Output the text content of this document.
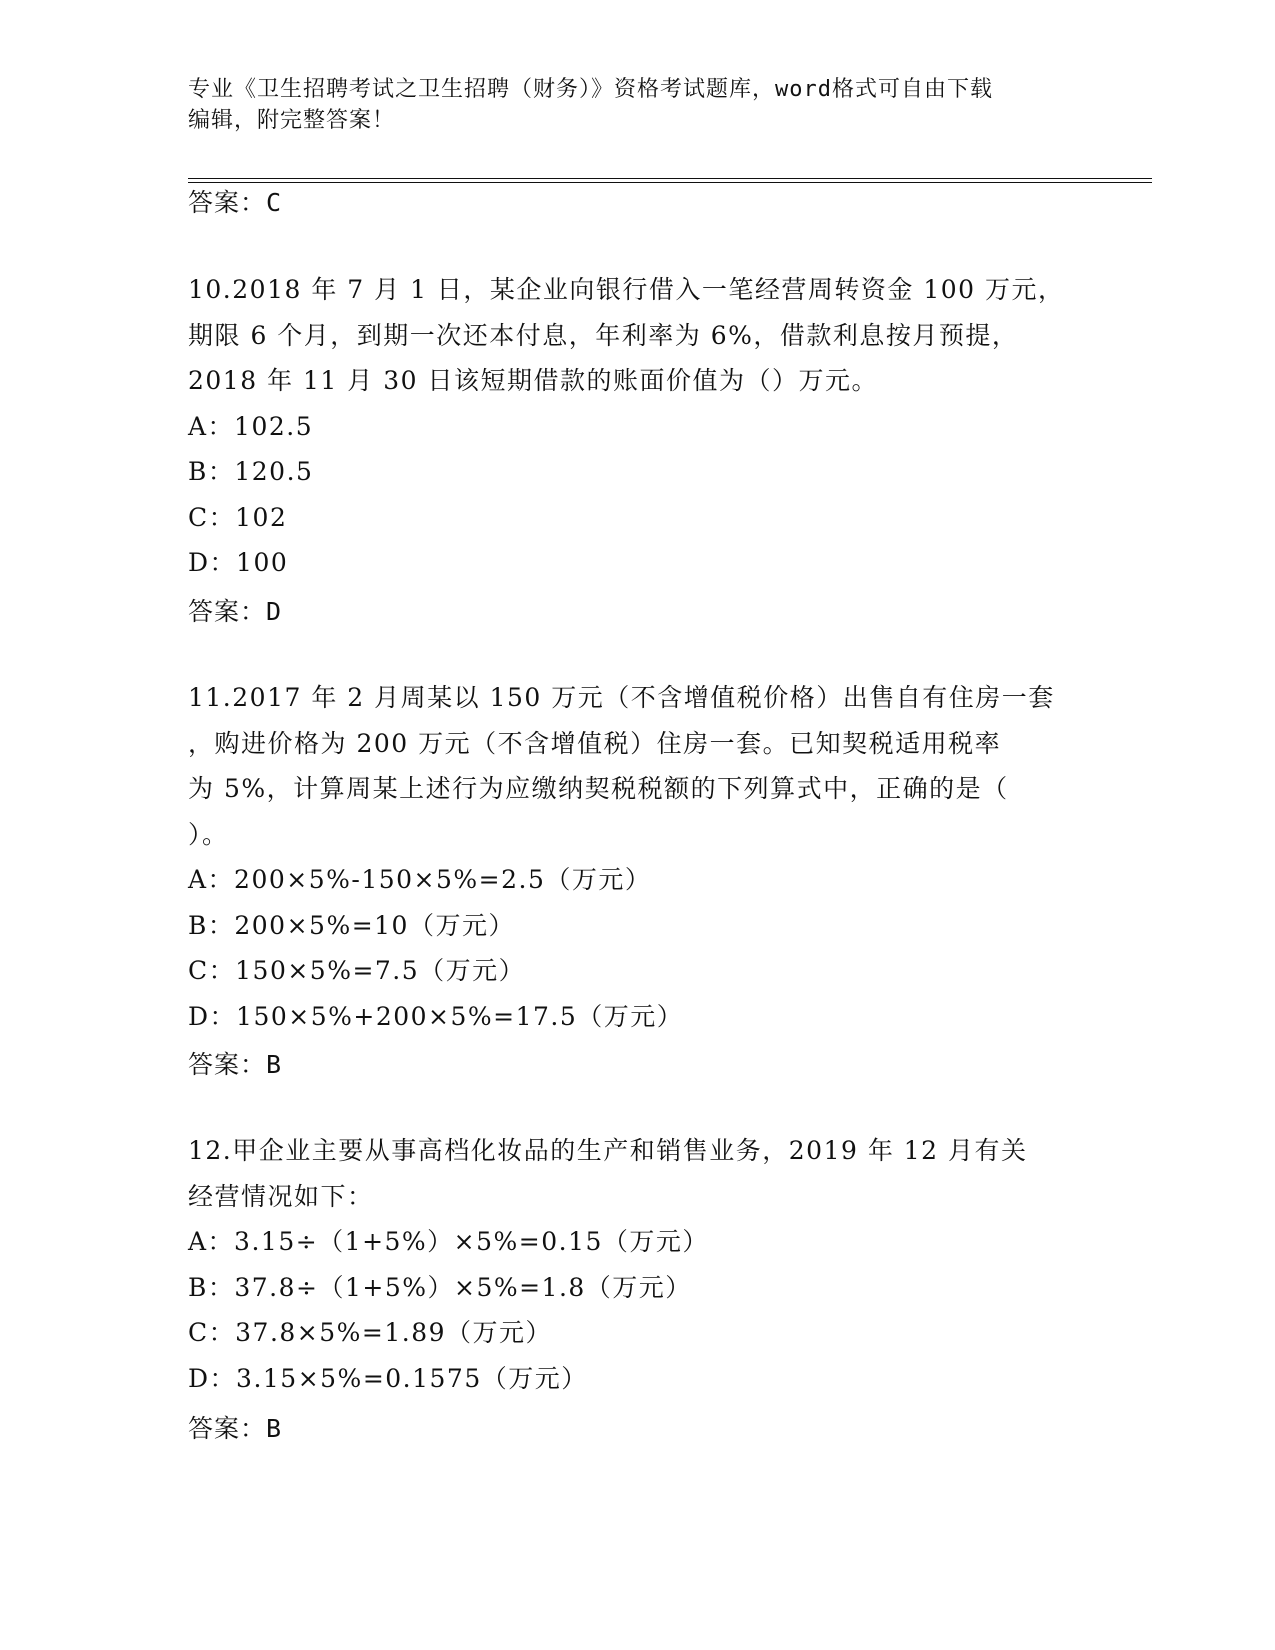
专业《卫生招聘考试之卫生招聘（财务）》资格考试题库，word格式可自由下载
编辑，附完整答案！
答案：C
10.2018 年 7 月 1 日，某企业向银行借入一笔经营周转资金 100 万元，
期限 6 个月，到期一次还本付息，年利率为 6%，借款利息按月预提，
2018 年 11 月 30 日该短期借款的账面价值为（）万元。
A：102.5
B：120.5
C：102
D：100
答案：D
11.2017 年 2 月周某以 150 万元（不含增值税价格）出售自有住房一套
，购进价格为 200 万元（不含增值税）住房一套。已知契税适用税率
为 5%，计算周某上述行为应缴纳契税税额的下列算式中，正确的是（
）。
A：200×5%-150×5%=2.5（万元）
B：200×5%=10（万元）
C：150×5%=7.5（万元）
D：150×5%+200×5%=17.5（万元）
答案：B
12.甲企业主要从事高档化妆品的生产和销售业务，2019 年 12 月有关
经营情况如下：
A：3.15÷（1+5%）×5%=0.15（万元）
B：37.8÷（1+5%）×5%=1.8（万元）
C：37.8×5%=1.89（万元）
D：3.15×5%=0.1575（万元）
答案：B
